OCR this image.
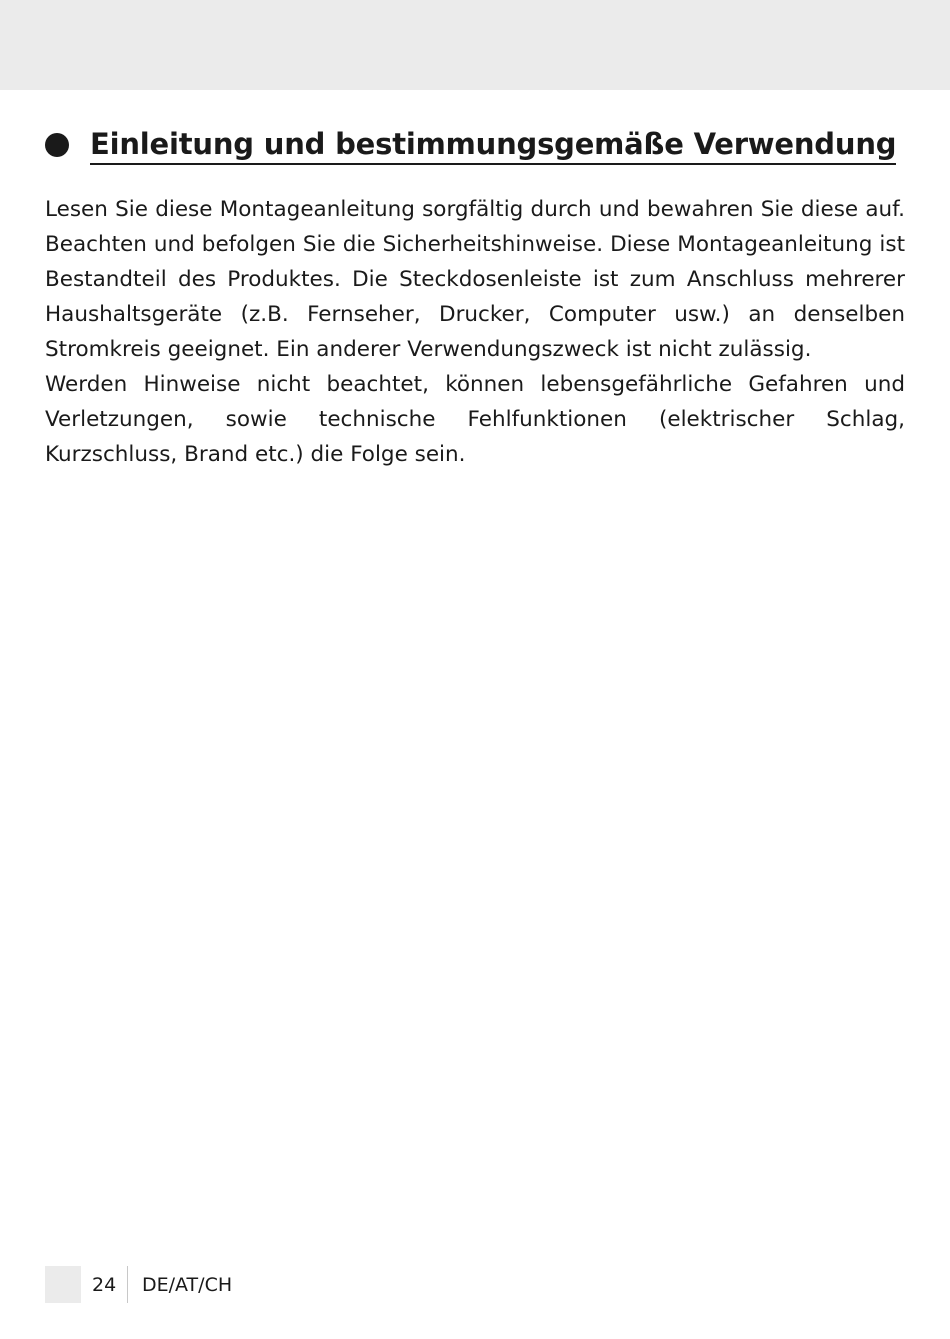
Einleitung und bestimmungsgemäße Verwendung

Lesen Sie diese Montageanleitung sorgfältig durch und bewahren Sie diese auf. Beachten und befolgen Sie die Sicherheitshinweise. Diese Montageanleitung ist Bestandteil des Produktes. Die Steckdosenleiste ist zum Anschluss mehrerer Haushaltsgeräte (z.B. Fernseher, Drucker, Computer usw.) an denselben Stromkreis geeignet. Ein anderer Verwendungszweck ist nicht zulässig.

Werden Hinweise nicht beachtet, können lebensgefährliche Gefahren und Verletzungen, sowie technische Fehlfunktionen (elektrischer Schlag, Kurzschluss, Brand etc.) die Folge sein.

24 DE/AT/CH
